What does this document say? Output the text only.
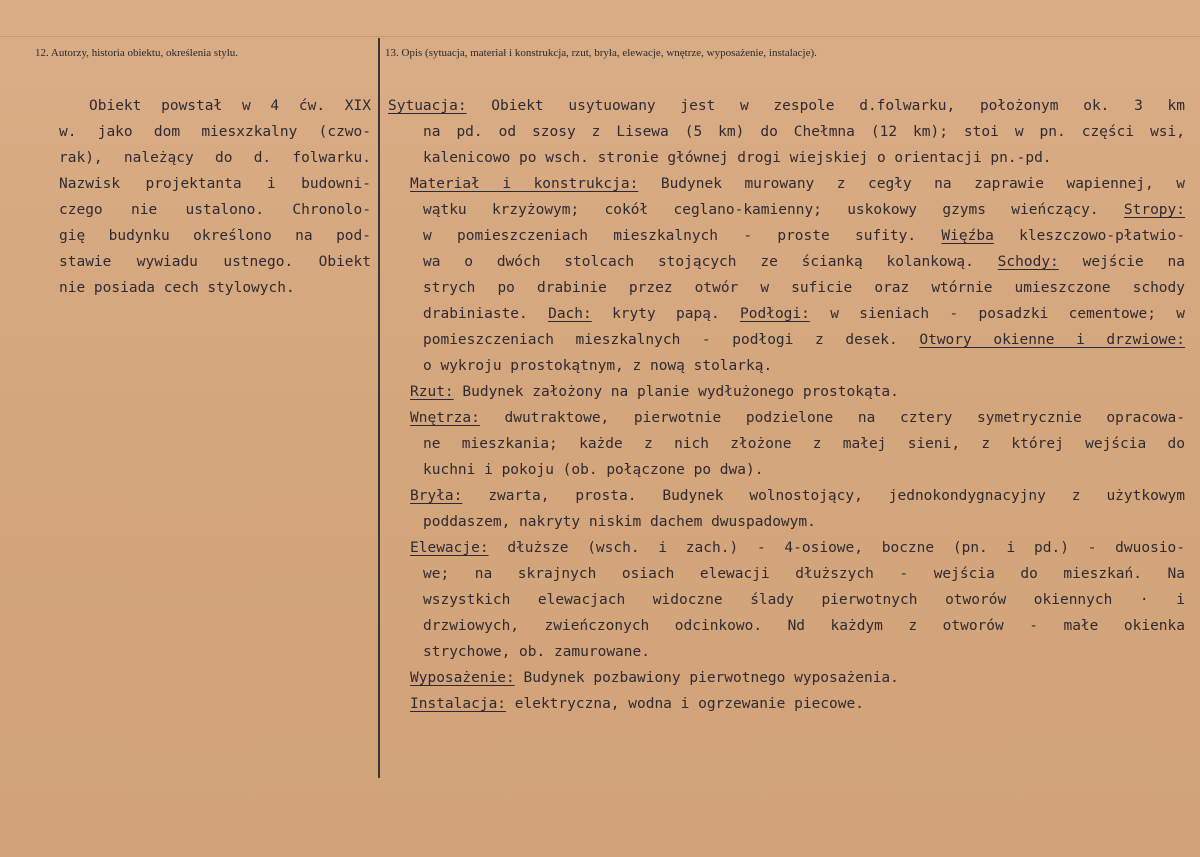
12. Autorzy, historia obiektu, określenia stylu.	13. Opis (sytuacja, materiał i konstrukcja, rzut, bryła, elewacje, wnętrze, wyposażenie, instalacje).
Obiekt powstał w 4 ćw. XIX
w. jako dom miesxzkalny (czwo-
rak), należący do d. folwarku.
Nazwisk projektanta i budowni-
czego nie ustalono. Chronolo-
gię budynku określono na pod-
stawie wywiadu ustnego. Obiekt
nie posiada cech stylowych.
Sytuacja: Obiekt usytuowany jest w zespole d.folwarku, położonym ok. 3 km
na pd. od szosy z Lisewa (5 km) do Chełmna (12 km); stoi w pn. części wsi,
kalenicowo po wsch. stronie głównej drogi wiejskiej o orientacji pn.-pd.
Materiał i konstrukcja: Budynek murowany z cegły na zaprawie wapiennej, w
wątku krzyżowym; cokół ceglano-kamienny; uskokowy gzyms wieńczący. Stropy:
w pomieszczeniach mieszkalnych - proste sufity. Więźba kleszczowo-płatwio-
wa o dwóch stolcach stojących ze ścianką kolankową. Schody: wejście na
strych po drabinie przez otwór w suficie oraz wtórnie umieszczone schody
drabiniaste. Dach: kryty papą. Podłogi: w sieniach - posadzki cementowe; w
pomieszczeniach mieszkalnych - podłogi z desek. Otwory okienne i drzwiowe:
o wykroju prostokątnym, z nową stolarką.
Rzut: Budynek założony na planie wydłużonego prostokąta.
Wnętrza: dwutraktowe, pierwotnie podzielone na cztery symetrycznie opracowa-
ne mieszkania; każde z nich złożone z małej sieni, z której wejścia do
kuchni i pokoju (ob. połączone po dwa).
Bryła: zwarta, prosta. Budynek wolnostojący, jednokondygnacyjny z użytkowym
poddaszem, nakryty niskim dachem dwuspadowym.
Elewacje: dłuższe (wsch. i zach.) - 4-osiowe, boczne (pn. i pd.) - dwuosio-
we; na skrajnych osiach elewacji dłuższych - wejścia do mieszkań. Na
wszystkich elewacjach widoczne ślady pierwotnych otworów okiennych · i
drzwiowych, zwieńczonych odcinkowo. Nd każdym z otworów - małe okienka
strychowe, ob. zamurowane.
Wyposażenie: Budynek pozbawiony pierwotnego wyposażenia.
Instalacja: elektryczna, wodna i ogrzewanie piecowe.
